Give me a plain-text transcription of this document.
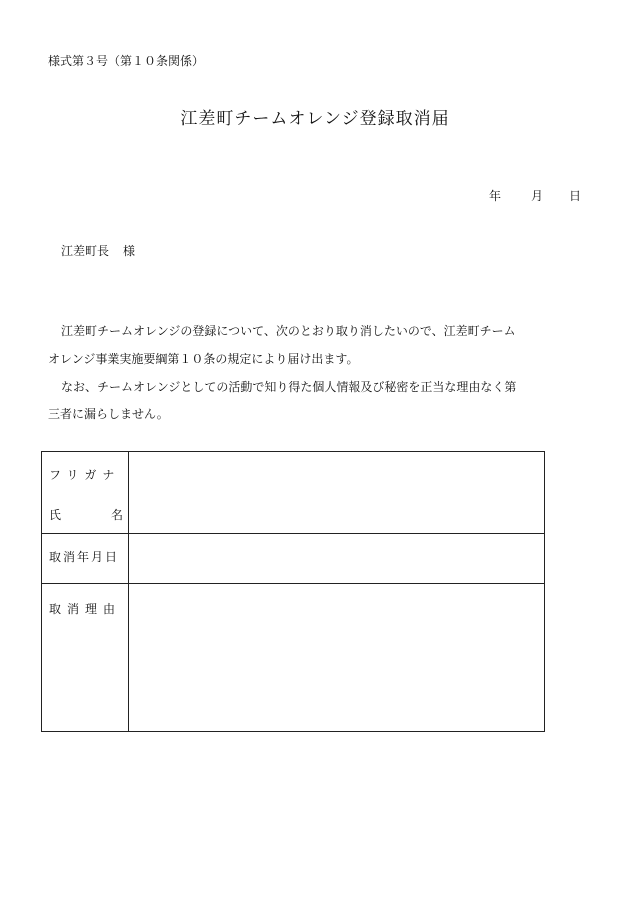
様式第３号（第１０条関係）
江差町チームオレンジ登録取消届
年	月 日
江差町長 様
江差町チームオレンジの登録について、次のとおり取り消したいので、江差町チーム
オレンジ事業実施要綱第１０条の規定により届け出ます。
なお、チームオレンジとしての活動で知り得た個人情報及び秘密を正当な理由なく第
三者に漏らしません。
フリガナ
氏	名
取消年月日
取消理由
